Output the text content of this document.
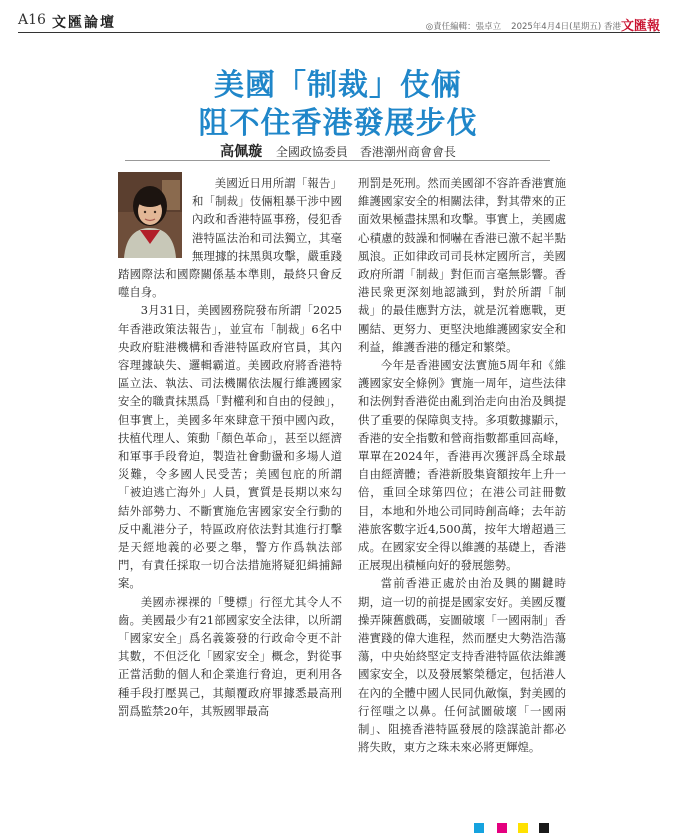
A16 文匯論壇	◎責任編輯：張卓立 2025年4月4日(星期五) 香港文匯報
美國「制裁」伎倆
阻不住香港發展步伐
高佩璇 全國政協委員　香港潮州商會會長

美國近日用所謂「報告」和「制裁」伎倆粗暴干涉中國內政和香港特區事務，侵犯香港特區法治和司法獨立，其毫無理據的抹黑與攻擊，嚴重踐踏國際法和國際關係基本準則，最終只會反噬自身。

3月31日，美國國務院發布所謂「2025年香港政策法報告」，並宣布「制裁」6名中央政府駐港機構和香港特區政府官員，其內容理據缺失、邏輯霸道。美國政府將香港特區立法、執法、司法機關依法履行維護國家安全的職責抹黑爲「對權利和自由的侵蝕」，但事實上，美國多年來肆意干預中國內政，扶植代理人、策動「顏色革命」，甚至以經濟和軍事手段脅迫，製造社會動盪和多場人道災難，令多國人民受苦；美國包庇的所謂「被迫逃亡海外」人員，實質是長期以來勾結外部勢力、不斷實施危害國家安全行動的反中亂港分子，特區政府依法對其進行打擊是天經地義的必要之舉，警方作爲執法部門，有責任採取一切合法措施將疑犯緝捕歸案。

美國赤裸裸的「雙標」行徑尤其令人不齒。美國最少有21部國家安全法律，以所謂「國家安全」爲名義簽發的行政命令更不計其數，不但泛化「國家安全」概念，對從事正當活動的個人和企業進行脅迫，更利用各種手段打壓異己，其顛覆政府罪據悉最高刑罰爲監禁20年，其叛國罪最高

刑罰是死刑。然而美國卻不容許香港實施維護國家安全的相關法律，對其帶來的正面效果極盡抹黑和攻擊。事實上，美國處心積慮的鼓譟和恫嚇在香港已激不起半點風浪。正如律政司司長林定國所言，美國政府所謂「制裁」對佢而言毫無影響。香港民衆更深刻地認識到，對於所謂「制裁」的最佳應對方法，就是沉着應戰，更團結、更努力、更堅決地維護國家安全和利益，維護香港的穩定和繁榮。

今年是香港國安法實施5周年和《維護國家安全條例》實施一周年，這些法律和法例對香港從由亂到治走向由治及興提供了重要的保障與支持。多項數據顯示，香港的安全指數和營商指數都重回高峰，單單在2024年，香港再次獲評爲全球最自由經濟體；香港新股集資額按年上升一倍，重回全球第四位；在港公司註冊數目，本地和外地公司同時創高峰；去年訪港旅客數字近4,500萬，按年大增超過三成。在國家安全得以維護的基礎上，香港正展現出積極向好的發展態勢。

當前香港正處於由治及興的關鍵時期，這一切的前提是國家安好。美國反覆操弄陳舊戲碼，妄圖破壞「一國兩制」香港實踐的偉大進程，然而歷史大勢浩浩蕩蕩，中央始終堅定支持香港特區依法維護國家安全，以及發展繁榮穩定，包括港人在內的全體中國人民同仇敵愾，對美國的行徑嗤之以鼻。任何試圖破壞「一國兩制」、阻撓香港特區發展的陰謀詭計都必將失敗，東方之珠未來必將更輝煌。
